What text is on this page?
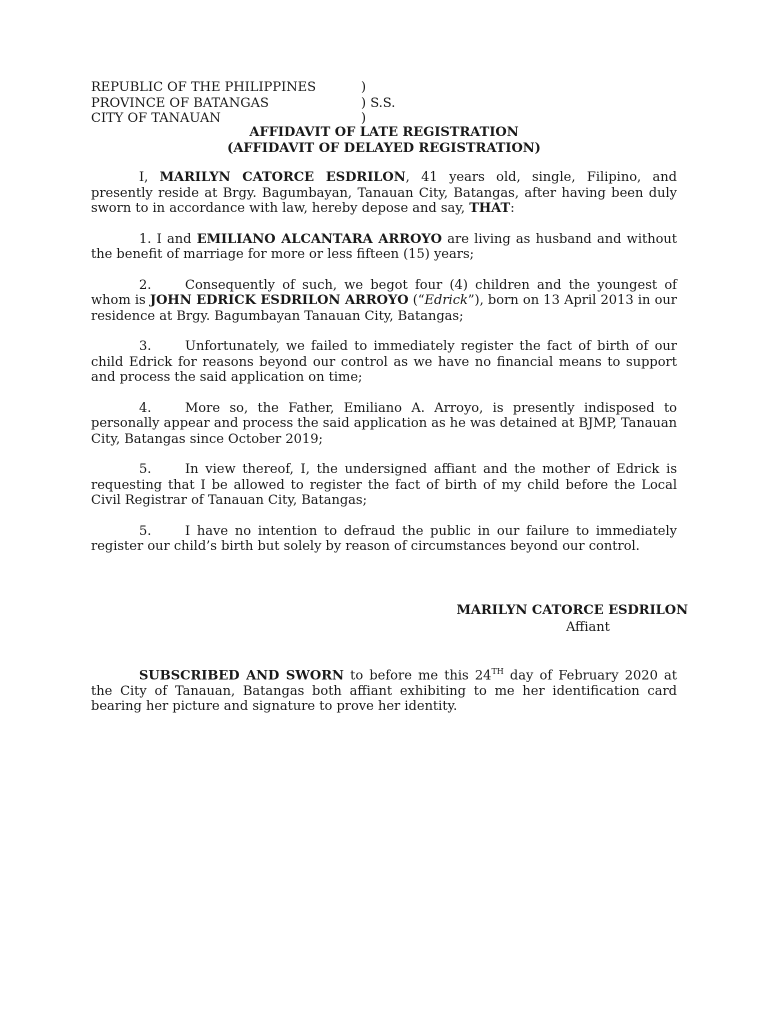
REPUBLIC OF THE PHILIPPINES	)
PROVINCE OF BATANGAS	) S.S.
CITY OF TANAUAN	)
AFFIDAVIT OF LATE REGISTRATION
(AFFIDAVIT OF DELAYED REGISTRATION)

I, MARILYN CATORCE ESDRILON, 41 years old, single, Filipino, and presently reside at Brgy. Bagumbayan, Tanauan City, Batangas, after having been duly sworn to in accordance with law, hereby depose and say, THAT:

1. I and EMILIANO ALCANTARA ARROYO are living as husband and without the benefit of marriage for more or less fifteen (15) years;

2.	Consequently of such, we begot four (4) children and the youngest of whom is JOHN EDRICK ESDRILON ARROYO (“Edrick”), born on 13 April 2013 in our residence at Brgy. Bagumbayan Tanauan City, Batangas;

3.	Unfortunately, we failed to immediately register the fact of birth of our child Edrick for reasons beyond our control as we have no financial means to support and process the said application on time;

4.	More so, the Father, Emiliano A. Arroyo, is presently indisposed to personally appear and process the said application as he was detained at BJMP, Tanauan City, Batangas since October 2019;

5.	In view thereof, I, the undersigned affiant and the mother of Edrick is requesting that I be allowed to register the fact of birth of my child before the Local Civil Registrar of Tanauan City, Batangas;

5.	I have no intention to defraud the public in our failure to immediately register our child’s birth but solely by reason of circumstances beyond our control.

MARILYN CATORCE ESDRILON
Affiant

SUBSCRIBED AND SWORN to before me this 24TH day of February 2020 at the City of Tanauan, Batangas both affiant exhibiting to me her identification card bearing her picture and signature to prove her identity.
